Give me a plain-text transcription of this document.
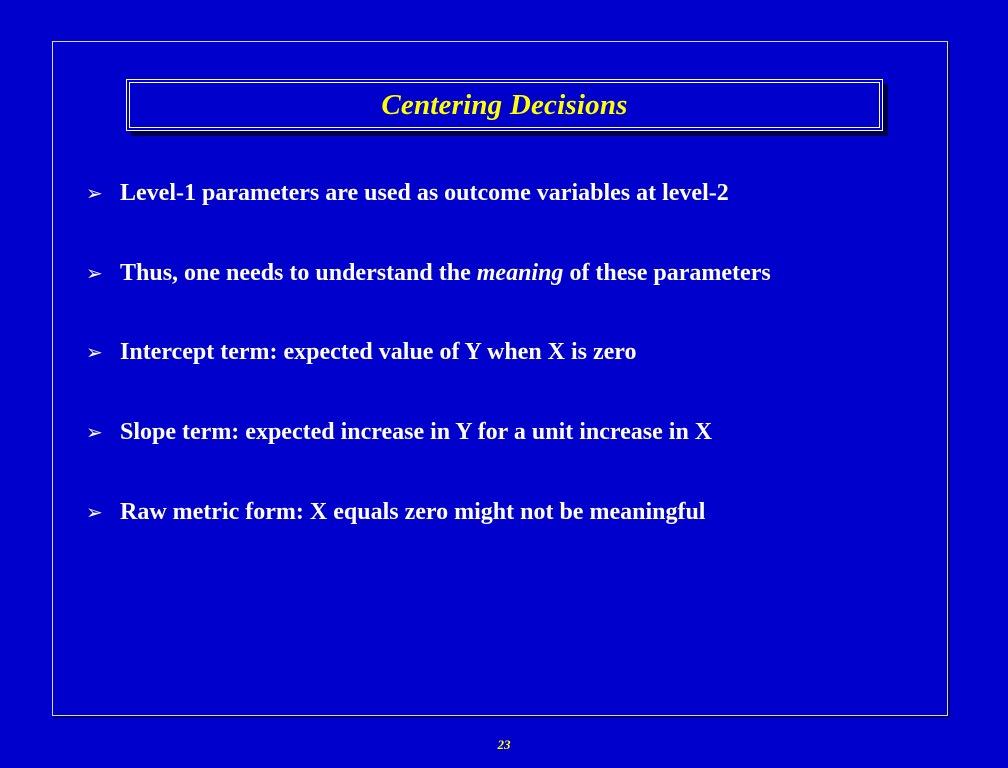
Centering Decisions
➢ Level-1 parameters are used as outcome variables at level-2
➢ Thus, one needs to understand the meaning of these parameters
➢ Intercept term: expected value of Y when X is zero
➢ Slope term: expected increase in Y for a unit increase in X
➢ Raw metric form: X equals zero might not be meaningful
23
